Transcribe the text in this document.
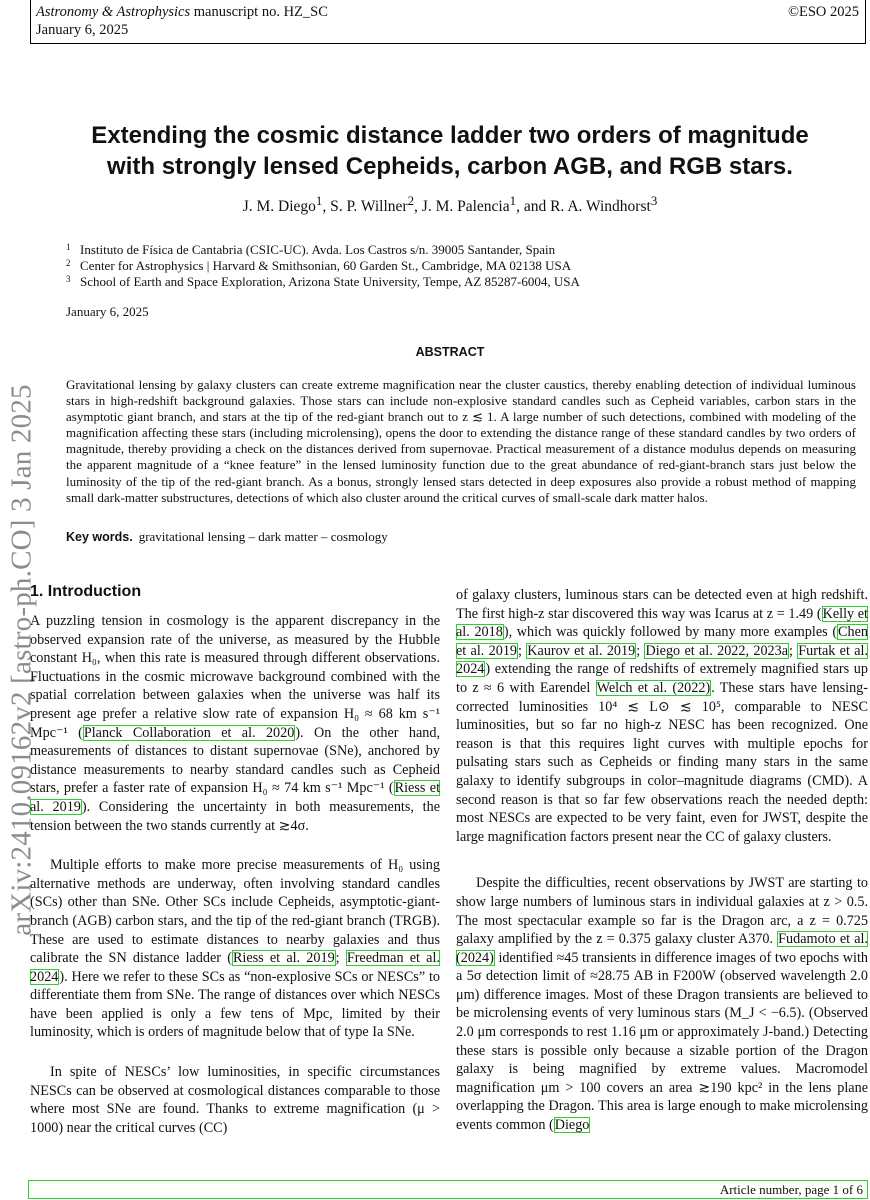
Astronomy & Astrophysics manuscript no. HZ_SC
January 6, 2025
©ESO 2025
arXiv:2410.09162v2 [astro-ph.CO] 3 Jan 2025
Extending the cosmic distance ladder two orders of magnitude
with strongly lensed Cepheids, carbon AGB, and RGB stars.
J. M. Diego$^1$, S. P. Willner$^2$, J. M. Palencia$^1$, and R. A. Windhorst$^3$
1 Instituto de Física de Cantabria (CSIC-UC). Avda. Los Castros s/n. 39005 Santander, Spain
2 Center for Astrophysics | Harvard & Smithsonian, 60 Garden St., Cambridge, MA 02138 USA
3 School of Earth and Space Exploration, Arizona State University, Tempe, AZ 85287-6004, USA
January 6, 2025
ABSTRACT

Gravitational lensing by galaxy clusters can create extreme magnification near the cluster caustics, thereby enabling detection of individual luminous stars in high-redshift background galaxies. Those stars can include non-explosive standard candles such as Cepheid variables, carbon stars in the asymptotic giant branch, and stars at the tip of the red-giant branch out to z ≲ 1. A large number of such detections, combined with modeling of the magnification affecting these stars (including microlensing), opens the door to extending the distance range of these standard candles by two orders of magnitude, thereby providing a check on the distances derived from supernovae. Practical measurement of a distance modulus depends on measuring the apparent magnitude of a “knee feature” in the lensed luminosity function due to the great abundance of red-giant-branch stars just below the luminosity of the tip of the red-giant branch. As a bonus, strongly lensed stars detected in deep exposures also provide a robust method of mapping small dark-matter substructures, detections of which also cluster around the critical curves of small-scale dark matter halos.

Key words. gravitational lensing – dark matter – cosmology
1. Introduction

A puzzling tension in cosmology is the apparent discrepancy in the observed expansion rate of the universe, as measured by the Hubble constant H₀, when this rate is measured through different observations. Fluctuations in the cosmic microwave background combined with the spatial correlation between galaxies when the universe was half its present age prefer a relative slow rate of expansion H₀ ≈ 68 km s⁻¹ Mpc⁻¹ (Planck Collaboration et al. 2020). On the other hand, measurements of distances to distant supernovae (SNe), anchored by distance measurements to nearby standard candles such as Cepheid stars, prefer a faster rate of expansion H₀ ≈ 74 km s⁻¹ Mpc⁻¹ (Riess et al. 2019). Considering the uncertainty in both measurements, the tension between the two stands currently at ≳4σ.

Multiple efforts to make more precise measurements of H₀ using alternative methods are underway, often involving standard candles (SCs) other than SNe. Other SCs include Cepheids, asymptotic-giant-branch (AGB) carbon stars, and the tip of the red-giant branch (TRGB). These are used to estimate distances to nearby galaxies and thus calibrate the SN distance ladder (Riess et al. 2019; Freedman et al. 2024). Here we refer to these SCs as “non-explosive SCs or NESCs” to differentiate them from SNe. The range of distances over which NESCs have been applied is only a few tens of Mpc, limited by their luminosity, which is orders of magnitude below that of type Ia SNe.

In spite of NESCs’ low luminosities, in specific circumstances NESCs can be observed at cosmological distances comparable to those where most SNe are found. Thanks to extreme magnification (μ > 1000) near the critical curves (CC)

of galaxy clusters, luminous stars can be detected even at high redshift. The first high-z star discovered this way was Icarus at z = 1.49 (Kelly et al. 2018), which was quickly followed by many more examples (Chen et al. 2019; Kaurov et al. 2019; Diego et al. 2022, 2023a; Furtak et al. 2024) extending the range of redshifts of extremely magnified stars up to z ≈ 6 with Earendel Welch et al. (2022). These stars have lensing-corrected luminosities 10⁴ ≲ L⊙ ≲ 10⁵, comparable to NESC luminosities, but so far no high-z NESC has been recognized. One reason is that this requires light curves with multiple epochs for pulsating stars such as Cepheids or finding many stars in the same galaxy to identify subgroups in color–magnitude diagrams (CMD). A second reason is that so far few observations reach the needed depth: most NESCs are expected to be very faint, even for JWST, despite the large magnification factors present near the CC of galaxy clusters.

Despite the difficulties, recent observations by JWST are starting to show large numbers of luminous stars in individual galaxies at z > 0.5. The most spectacular example so far is the Dragon arc, a z = 0.725 galaxy amplified by the z = 0.375 galaxy cluster A370. Fudamoto et al. (2024) identified ≈45 transients in difference images of two epochs with a 5σ detection limit of ≈28.75 AB in F200W (observed wavelength 2.0 μm) difference images. Most of these Dragon transients are believed to be microlensing events of very luminous stars (M_J < −6.5). (Observed 2.0 μm corresponds to rest 1.16 μm or approximately J-band.) Detecting these stars is possible only because a sizable portion of the Dragon galaxy is being magnified by extreme values. Macromodel magnification μm > 100 covers an area ≳190 kpc² in the lens plane overlapping the Dragon. This area is large enough to make microlensing events common (Diego

Article number, page 1 of 6
